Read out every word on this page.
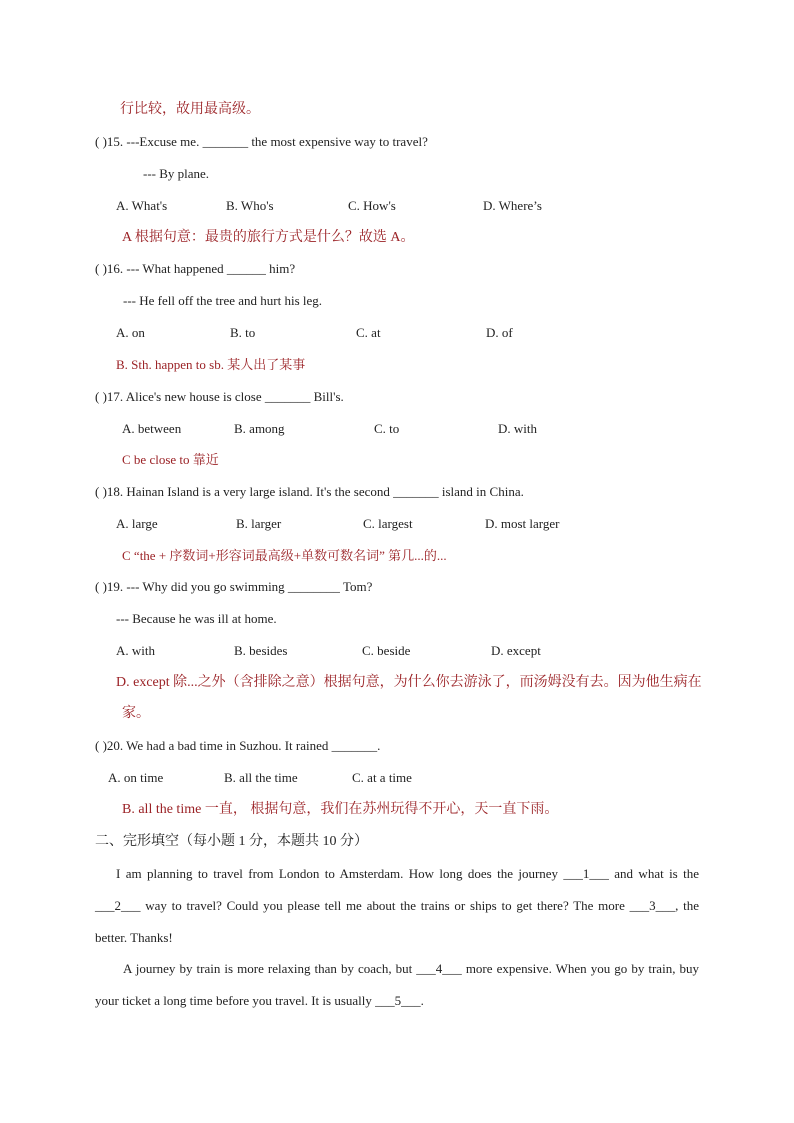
行比较，故用最高级。
( )15. ---Excuse me. _______ the most expensive way to travel?
--- By plane.
A. What's	B. Who's	C. How's	D. Where’s
A 根据句意：最贵的旅行方式是什么？故选 A。
( )16. --- What happened ______ him?
--- He fell off the tree and hurt his leg.
A. on	B. to	C. at	D. of
B. Sth. happen to sb. 某人出了某事
( )17. Alice's new house is close _______ Bill's.
A. between	B. among	C. to	D. with
C be close to 靠近
( )18. Hainan Island is a very large island. It's the second _______ island in China.
A. large	B. larger	C. largest	D. most larger
C “the + 序数词+形容词最高级+单数可数名词” 第几...的...
( )19. --- Why did you go swimming ________ Tom?
--- Because he was ill at home.
A. with	B. besides	C. beside	D. except
D. except 除...之外（含排除之意）根据句意，为什么你去游泳了，而汤姆没有去。因为他生病在
家。
( )20. We had a bad time in Suzhou. It rained _______.
A. on time	B. all the time	C. at a time
B. all the time 一直， 根据句意，我们在苏州玩得不开心，天一直下雨。
二、完形填空（每小题 1 分，本题共 10 分）
I am planning to travel from London to Amsterdam. How long does the journey ___1___ and what is the ___2___ way to travel? Could you please tell me about the trains or ships to get there? The more ___3___, the better. Thanks!
A journey by train is more relaxing than by coach, but ___4___ more expensive. When you go by train, buy your ticket a long time before you travel. It is usually ___5___.
